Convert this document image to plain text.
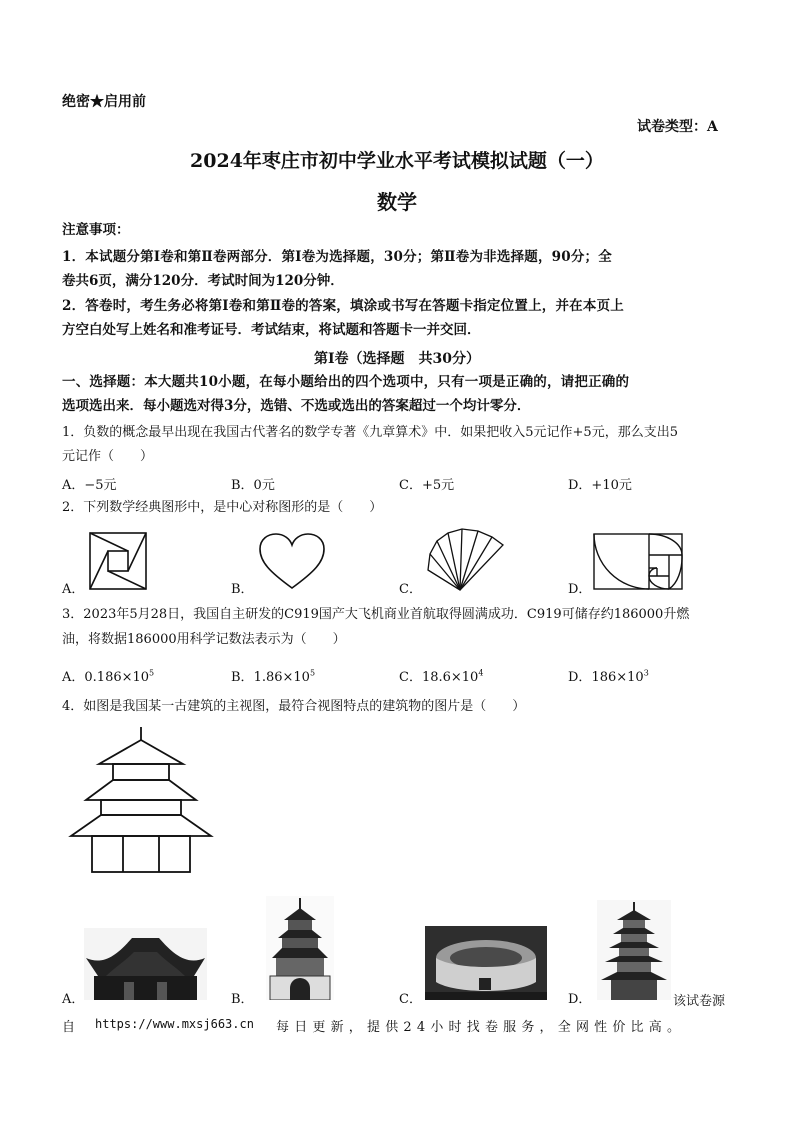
绝密★启用前
试卷类型：A
2024年枣庄市初中学业水平考试模拟试题（一）
数学
注意事项：
1．本试题分第Ⅰ卷和第Ⅱ卷两部分．第Ⅰ卷为选择题，30分；第Ⅱ卷为非选择题，90分；全
卷共6页，满分120分．考试时间为120分钟．
2．答卷时，考生务必将第Ⅰ卷和第Ⅱ卷的答案，填涂或书写在答题卡指定位置上，并在本页上
方空白处写上姓名和准考证号．考试结束，将试题和答题卡一并交回．
第Ⅰ卷（选择题　共30分）
一、选择题：本大题共10小题，在每小题给出的四个选项中，只有一项是正确的，请把正确的
选项选出来．每小题选对得3分，选错、不选或选出的答案超过一个均计零分．
1．负数的概念最早出现在我国古代著名的数学专著《九章算术》中．如果把收入5元记作+5元，那么支出5
元记作（　　）
A．−5元	B．0元	C．+5元	D．+10元
2．下列数学经典图形中，是中心对称图形的是（　　）
A．	B．	C．	D．
3．2023年5月28日，我国自主研发的C919国产大飞机商业首航取得圆满成功．C919可储存约186000升燃
油，将数据186000用科学记数法表示为（　　）
A．$0.186\times 10^5$	B．$1.86\times 10^5$	C．$18.6\times 10^4$	D．$186\times 10^3$
4．如图是我国某一古建筑的主视图，最符合视图特点的建筑物的图片是（　　）
A．	B．	C．	D．	该试卷源
自 https://www.mxsj663.cn 每日更新，提供24小时找卷服务，全网性价比高。
